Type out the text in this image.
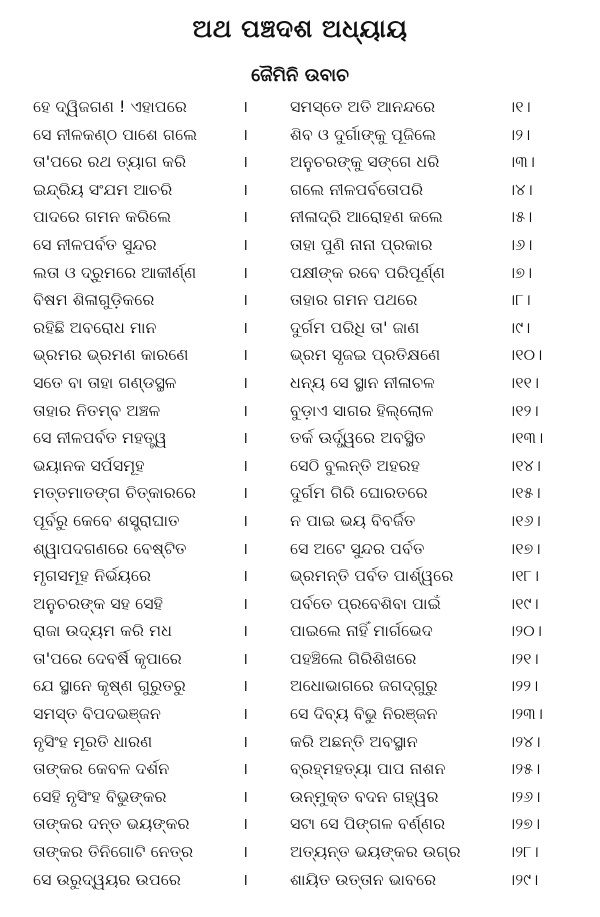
ଅଥ ପଞ୍ଚଦଶ ଅଧ୍ୟାୟ
ଜୈମିନି ଉବାଚ
ହେ ଦ୍ୱିଜଗଣ ! ଏହାପରେ	।	ସମସ୍ତେ ଅତି ଆନନ୍ଦରେ	।୧।
ସେ ନୀଳକଣ୍ଠ ପାଶେ ଗଲେ	।	ଶିବ ଓ ଦୁର୍ଗାଙ୍କୁ ପୂଜିଲେ	।୨।
ତା'ପରେ ରଥ ତ୍ୟାଗ କରି	।	ଅନୁଚରଙ୍କୁ ସଙ୍ଗେ ଧରି	।୩।
ଇନ୍ଦ୍ରିୟ ସଂଯମ ଆଚରି	।	ଗଲେ ନୀଳପର୍ବତୋପରି	।୪।
ପାଦରେ ଗମନ କରିଲେ	।	ନୀଳାଦ୍ରି ଆରୋହଣ କଲେ	।୫।
ସେ ନୀଳପର୍ବତ ସୁନ୍ଦର	।	ତାହା ପୁଣି ନାନା ପ୍ରକାର	।୬।
ଲତା ଓ ଦ୍ରୁମରେ ଆକୀର୍ଣ୍ଣ	।	ପକ୍ଷୀଙ୍କ ରବେ ପରିପୂର୍ଣ୍ଣ	।୭।
ବିଷମ ଶିଳାଗୁଡ଼ିକରେ	।	ତାହାର ଗମନ ପଥରେ	।୮।
ରହିଛି ଅବରୋଧ ମାନ	।	ଦୁର୍ଗମ ପରିଧି ତା' ଜାଣ	।୯।
ଭ୍ରମର ଭ୍ରମଣ କାରଣେ	।	ଭ୍ରମ ସୃଜଇ ପ୍ରତିକ୍ଷଣେ	।୧୦।
ସତେ ବା ତାହା ଗଣ୍ଡସ୍ଥଳ	।	ଧନ୍ୟ ସେ ସ୍ଥାନ ନୀଳାଚଳ	।୧୧।
ତାହାର ନିତମ୍ବ ଅଞ୍ଚଳ	।	ବୁଡ଼ାଏ ସାଗର ହିଲ୍ଲୋଳ	।୧୨।
ସେ ନୀଳପର୍ବତ ମହତ୍ତ୍ୱ	।	ତର୍କ ଊର୍ଦ୍ଧ୍ୱରେ ଅବସ୍ଥିତ	।୧୩।
ଭୟାନକ ସର୍ପସମୂହ	।	ସେଠି ବୁଲନ୍ତି ଅହରହ	।୧୪।
ମତ୍ତମାତଙ୍ଗ ଚିତ୍କାରରେ	।	ଦୁର୍ଗମ ଗିରି ଘୋରତରେ	।୧୫।
ପୂର୍ବରୁ କେବେ ଶସ୍ତ୍ରାଘାତ	।	ନ ପାଇ ଭୟ ବିବର୍ଜିତ	।୧୬।
ଶ୍ୱାପଦଗଣରେ ବେଷ୍ଟିତ	।	ସେ ଅଟେ ସୁନ୍ଦର ପର୍ବତ	।୧୭।
ମୃଗସମୂହ ନିର୍ଭୟରେ	।	ଭ୍ରମନ୍ତି ପର୍ବତ ପାର୍ଶ୍ୱରେ	।୧୮।
ଅନୁଚରଙ୍କ ସହ ସେହି	।	ପର୍ବତେ ପ୍ରବେଶିବା ପାଇଁ	।୧୯।
ରାଜା ଉଦ୍ୟମ କରି ମଧ	।	ପାଇଲେ ନାହିଁ ମାର୍ଗଭେଦ	।୨୦।
ତା'ପରେ ଦେବର୍ଷି କୃପାରେ	।	ପହଞ୍ଚିଲେ ଗିରିଶିଖରେ	।୨୧।
ଯେ ସ୍ଥାନେ କୃଷ୍ଣ ଗୁରୁତରୁ	।	ଅଧୋଭାଗରେ ଜଗଦ୍‌ଗୁରୁ	।୨୨।
ସମସ୍ତ ବିପଦଭଞ୍ଜନ	।	ସେ ଦିବ୍ୟ ବିଭୁ ନିରଞ୍ଜନ	।୨୩।
ନୃସିଂହ ମୂରତି ଧାରଣ	।	କରି ଅଛନ୍ତି ଅବସ୍ଥାନ	।୨୪।
ତାଙ୍କର କେବଳ ଦର୍ଶନ	।	ବ୍ରହ୍ମହତ୍ୟା ପାପ ନାଶନ	।୨୫।
ସେହି ନୃସିଂହ ବିଭୁଙ୍କର	।	ଉନ୍ମୁକ୍ତ ବଦନ ଗହ୍ୱର	।୨୬।
ତାଙ୍କର ଦନ୍ତ ଭୟଙ୍କର	।	ସଟା ସେ ପିଙ୍ଗଳ ବର୍ଣ୍ଣର	।୨୭।
ତାଙ୍କର ତିନିଗୋଟି ନେତ୍ର	।	ଅତ୍ୟନ୍ତ ଭୟଙ୍କର ଉଗ୍ର	।୨୮।
ସେ ଉରୁଦ୍ୱୟର ଉପରେ	।	ଶାୟିତ ଉତ୍ତାନ ଭାବରେ	।୨୯।
